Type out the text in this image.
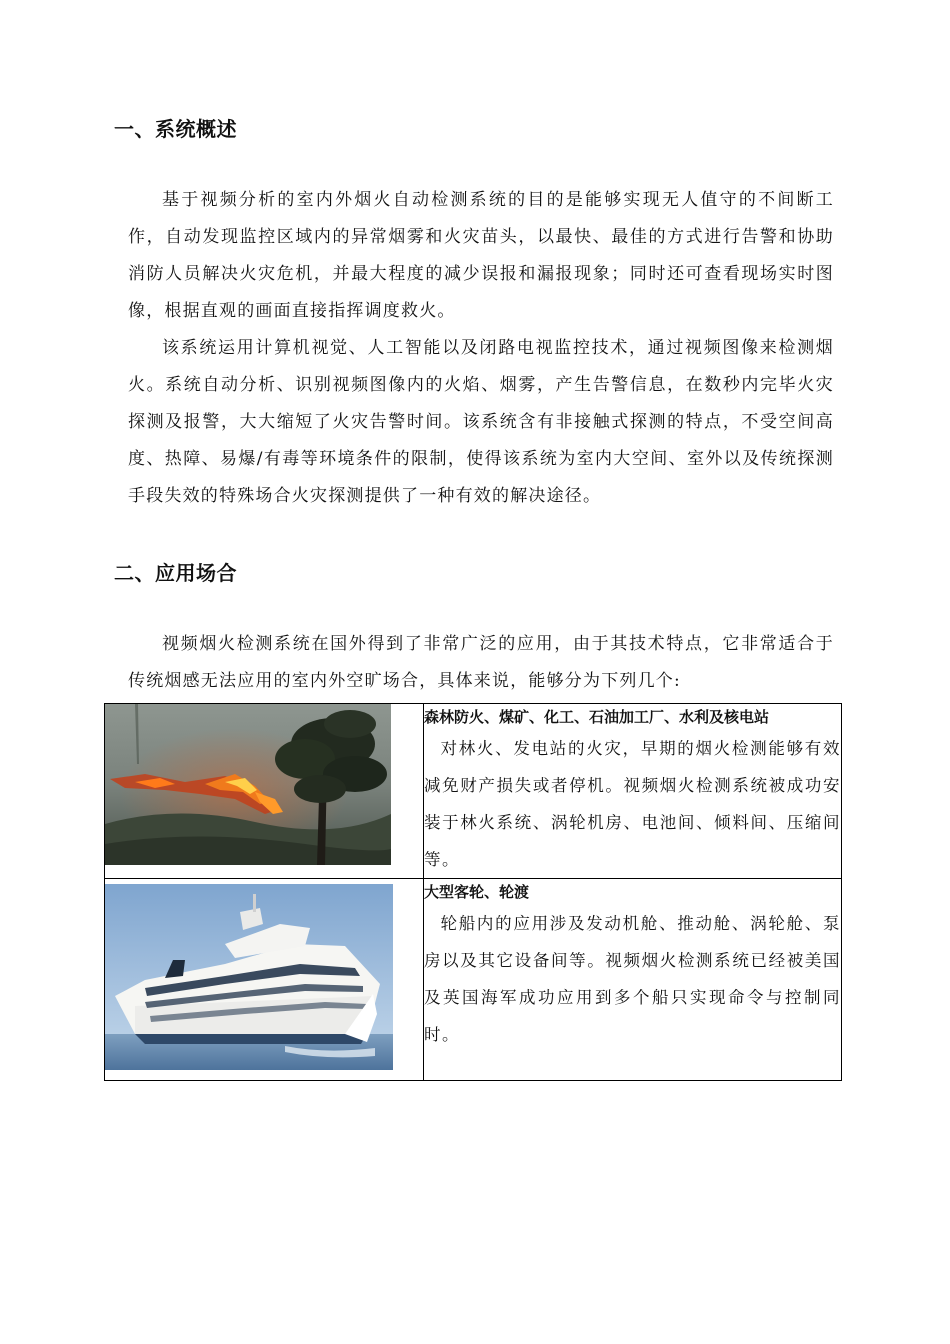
一、系统概述

基于视频分析的室内外烟火自动检测系统的目的是能够实现无人值守的不间断工作，自动发现监控区域内的异常烟雾和火灾苗头，以最快、最佳的方式进行告警和协助消防人员解决火灾危机，并最大程度的减少误报和漏报现象；同时还可查看现场实时图像，根据直观的画面直接指挥调度救火。

该系统运用计算机视觉、人工智能以及闭路电视监控技术，通过视频图像来检测烟火。系统自动分析、识别视频图像内的火焰、烟雾，产生告警信息，在数秒内完毕火灾探测及报警，大大缩短了火灾告警时间。该系统含有非接触式探测的特点，不受空间高度、热障、易爆/有毒等环境条件的限制，使得该系统为室内大空间、室外以及传统探测手段失效的特殊场合火灾探测提供了一种有效的解决途径。

二、应用场合

视频烟火检测系统在国外得到了非常广泛的应用，由于其技术特点，它非常适合于传统烟感无法应用的室内外空旷场合，具体来说，能够分为下列几个:

森林防火、煤矿、化工、石油加工厂、水利及核电站

对林火、发电站的火灾，早期的烟火检测能够有效减免财产损失或者停机。视频烟火检测系统被成功安装于林火系统、涡轮机房、电池间、倾料间、压缩间等。

大型客轮、轮渡

轮船内的应用涉及发动机舱、推动舱、涡轮舱、泵房以及其它设备间等。视频烟火检测系统已经被美国及英国海军成功应用到多个船只实现命令与控制同时。
